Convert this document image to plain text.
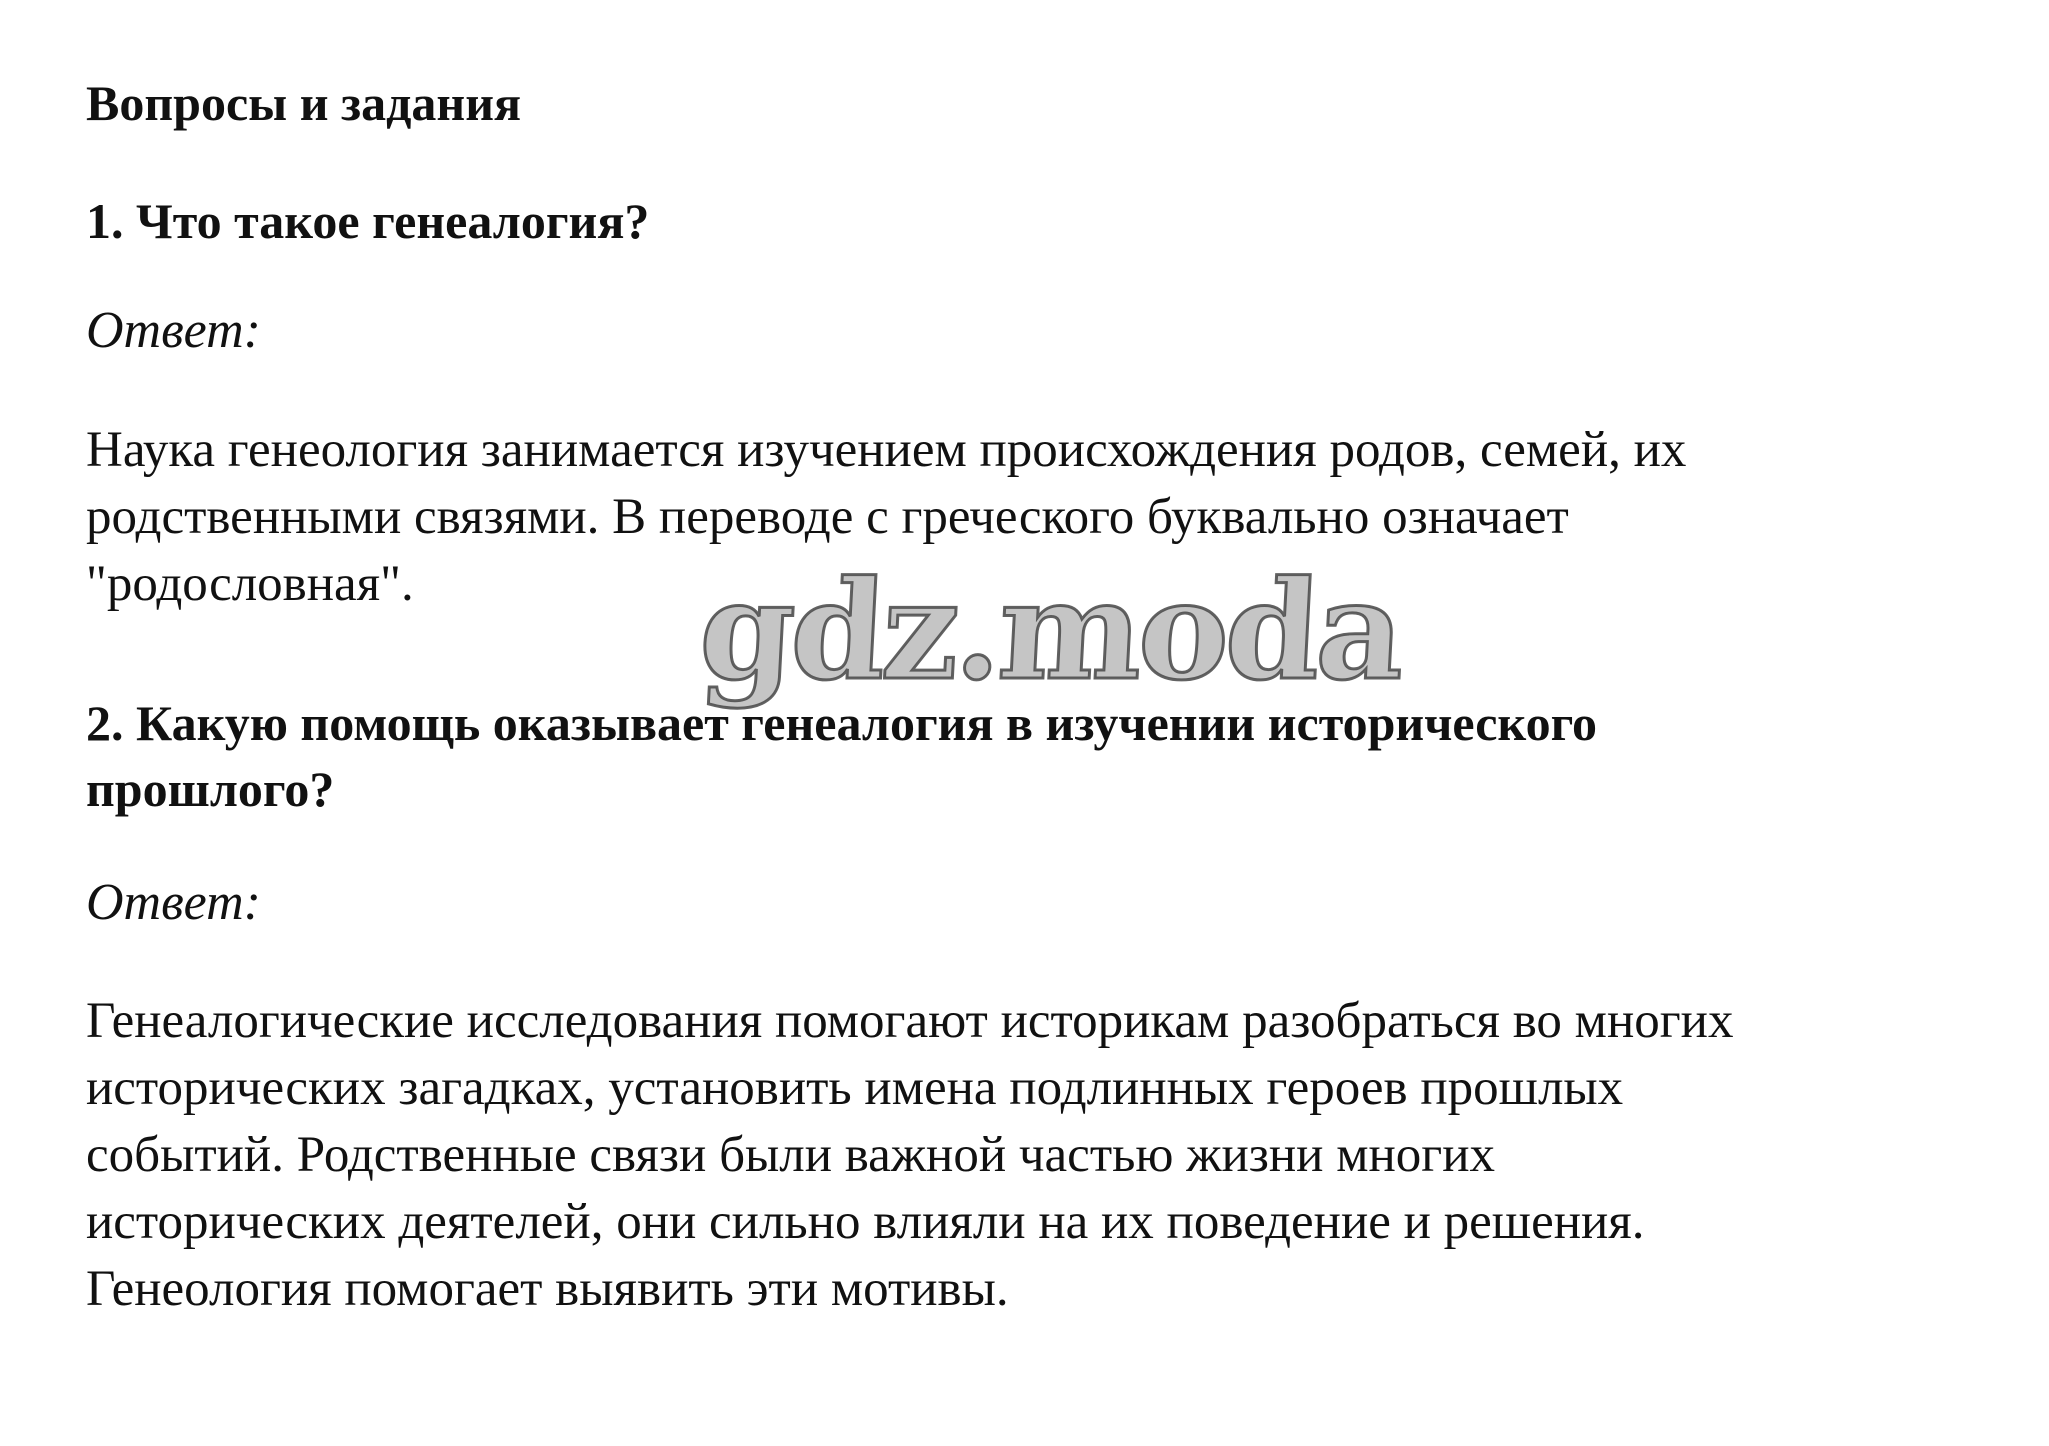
Вопросы и задания
1. Что такое генеалогия?
Ответ:
Наука генеология занимается изучением происхождения родов, семей, их
родственными связями. В переводе с греческого буквально означает
"родословная".	gdz.moda
2. Какую помощь оказывает генеалогия в изучении исторического
прошлого?
Ответ:
Генеалогические исследования помогают историкам разобраться во многих
исторических загадках, установить имена подлинных героев прошлых
событий. Родственные связи были важной частью жизни многих
исторических деятелей, они сильно влияли на их поведение и решения.
Генеология помогает выявить эти мотивы.
